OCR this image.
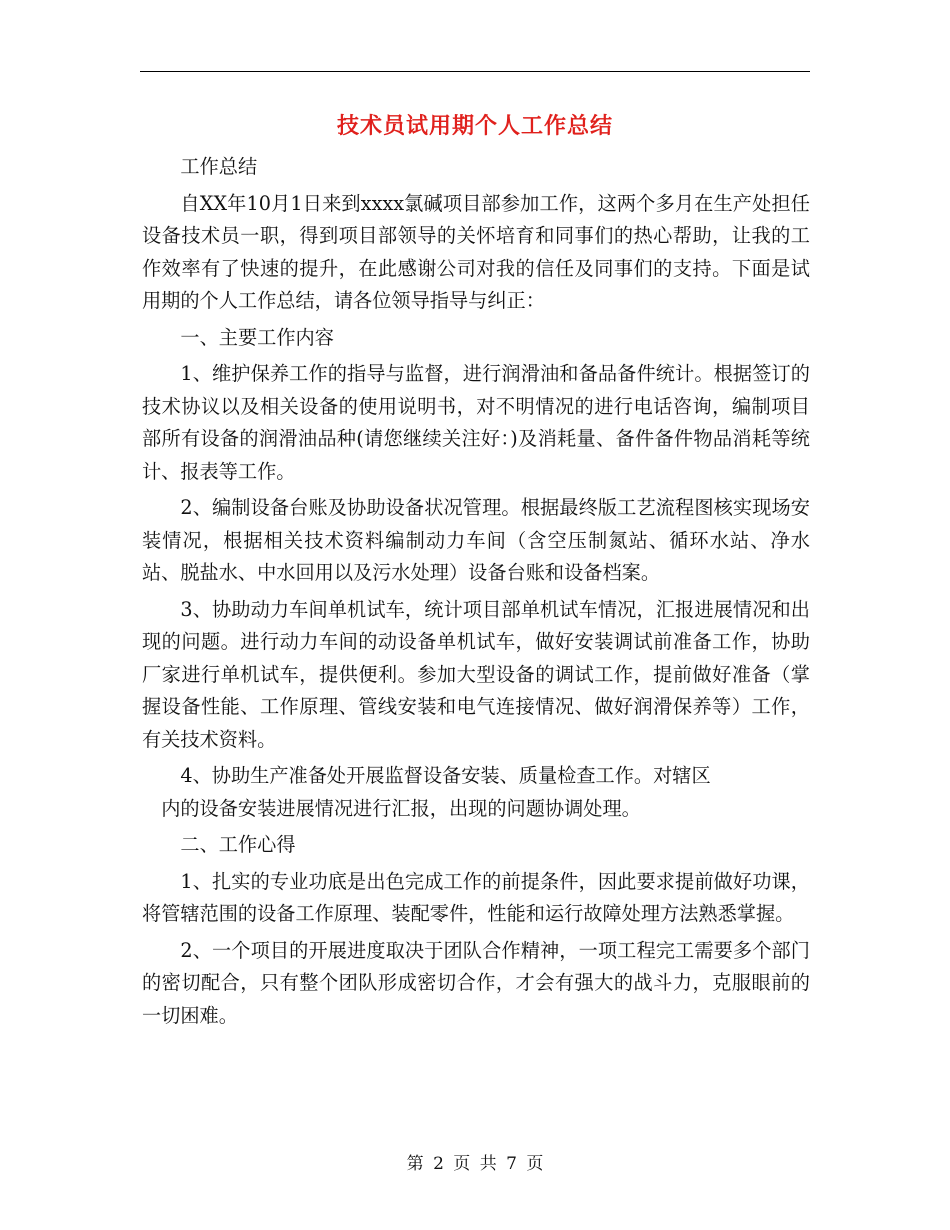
技术员试用期个人工作总结

工作总结

自XX年10月1日来到xxxx氯碱项目部参加工作，这两个多月在生产处担任设备技术员一职，得到项目部领导的关怀培育和同事们的热心帮助，让我的工作效率有了快速的提升，在此感谢公司对我的信任及同事们的支持。下面是试用期的个人工作总结，请各位领导指导与纠正：

一、主要工作内容

1、维护保养工作的指导与监督，进行润滑油和备品备件统计。根据签订的技术协议以及相关设备的使用说明书，对不明情况的进行电话咨询，编制项目部所有设备的润滑油品种(请您继续关注好：)及消耗量、备件备件物品消耗等统计、报表等工作。

2、编制设备台账及协助设备状况管理。根据最终版工艺流程图核实现场安装情况，根据相关技术资料编制动力车间（含空压制氮站、循环水站、净水站、脱盐水、中水回用以及污水处理）设备台账和设备档案。

3、协助动力车间单机试车，统计项目部单机试车情况，汇报进展情况和出现的问题。进行动力车间的动设备单机试车，做好安装调试前准备工作，协助厂家进行单机试车，提供便利。参加大型设备的调试工作，提前做好准备（掌握设备性能、工作原理、管线安装和电气连接情况、做好润滑保养等）工作，有关技术资料。

4、协助生产准备处开展监督设备安装、质量检查工作。对辖区

内的设备安装进展情况进行汇报，出现的问题协调处理。

二、工作心得

1、扎实的专业功底是出色完成工作的前提条件，因此要求提前做好功课，将管辖范围的设备工作原理、装配零件，性能和运行故障处理方法熟悉掌握。

2、一个项目的开展进度取决于团队合作精神，一项工程完工需要多个部门的密切配合，只有整个团队形成密切合作，才会有强大的战斗力，克服眼前的一切困难。

第 2 页 共 7 页
